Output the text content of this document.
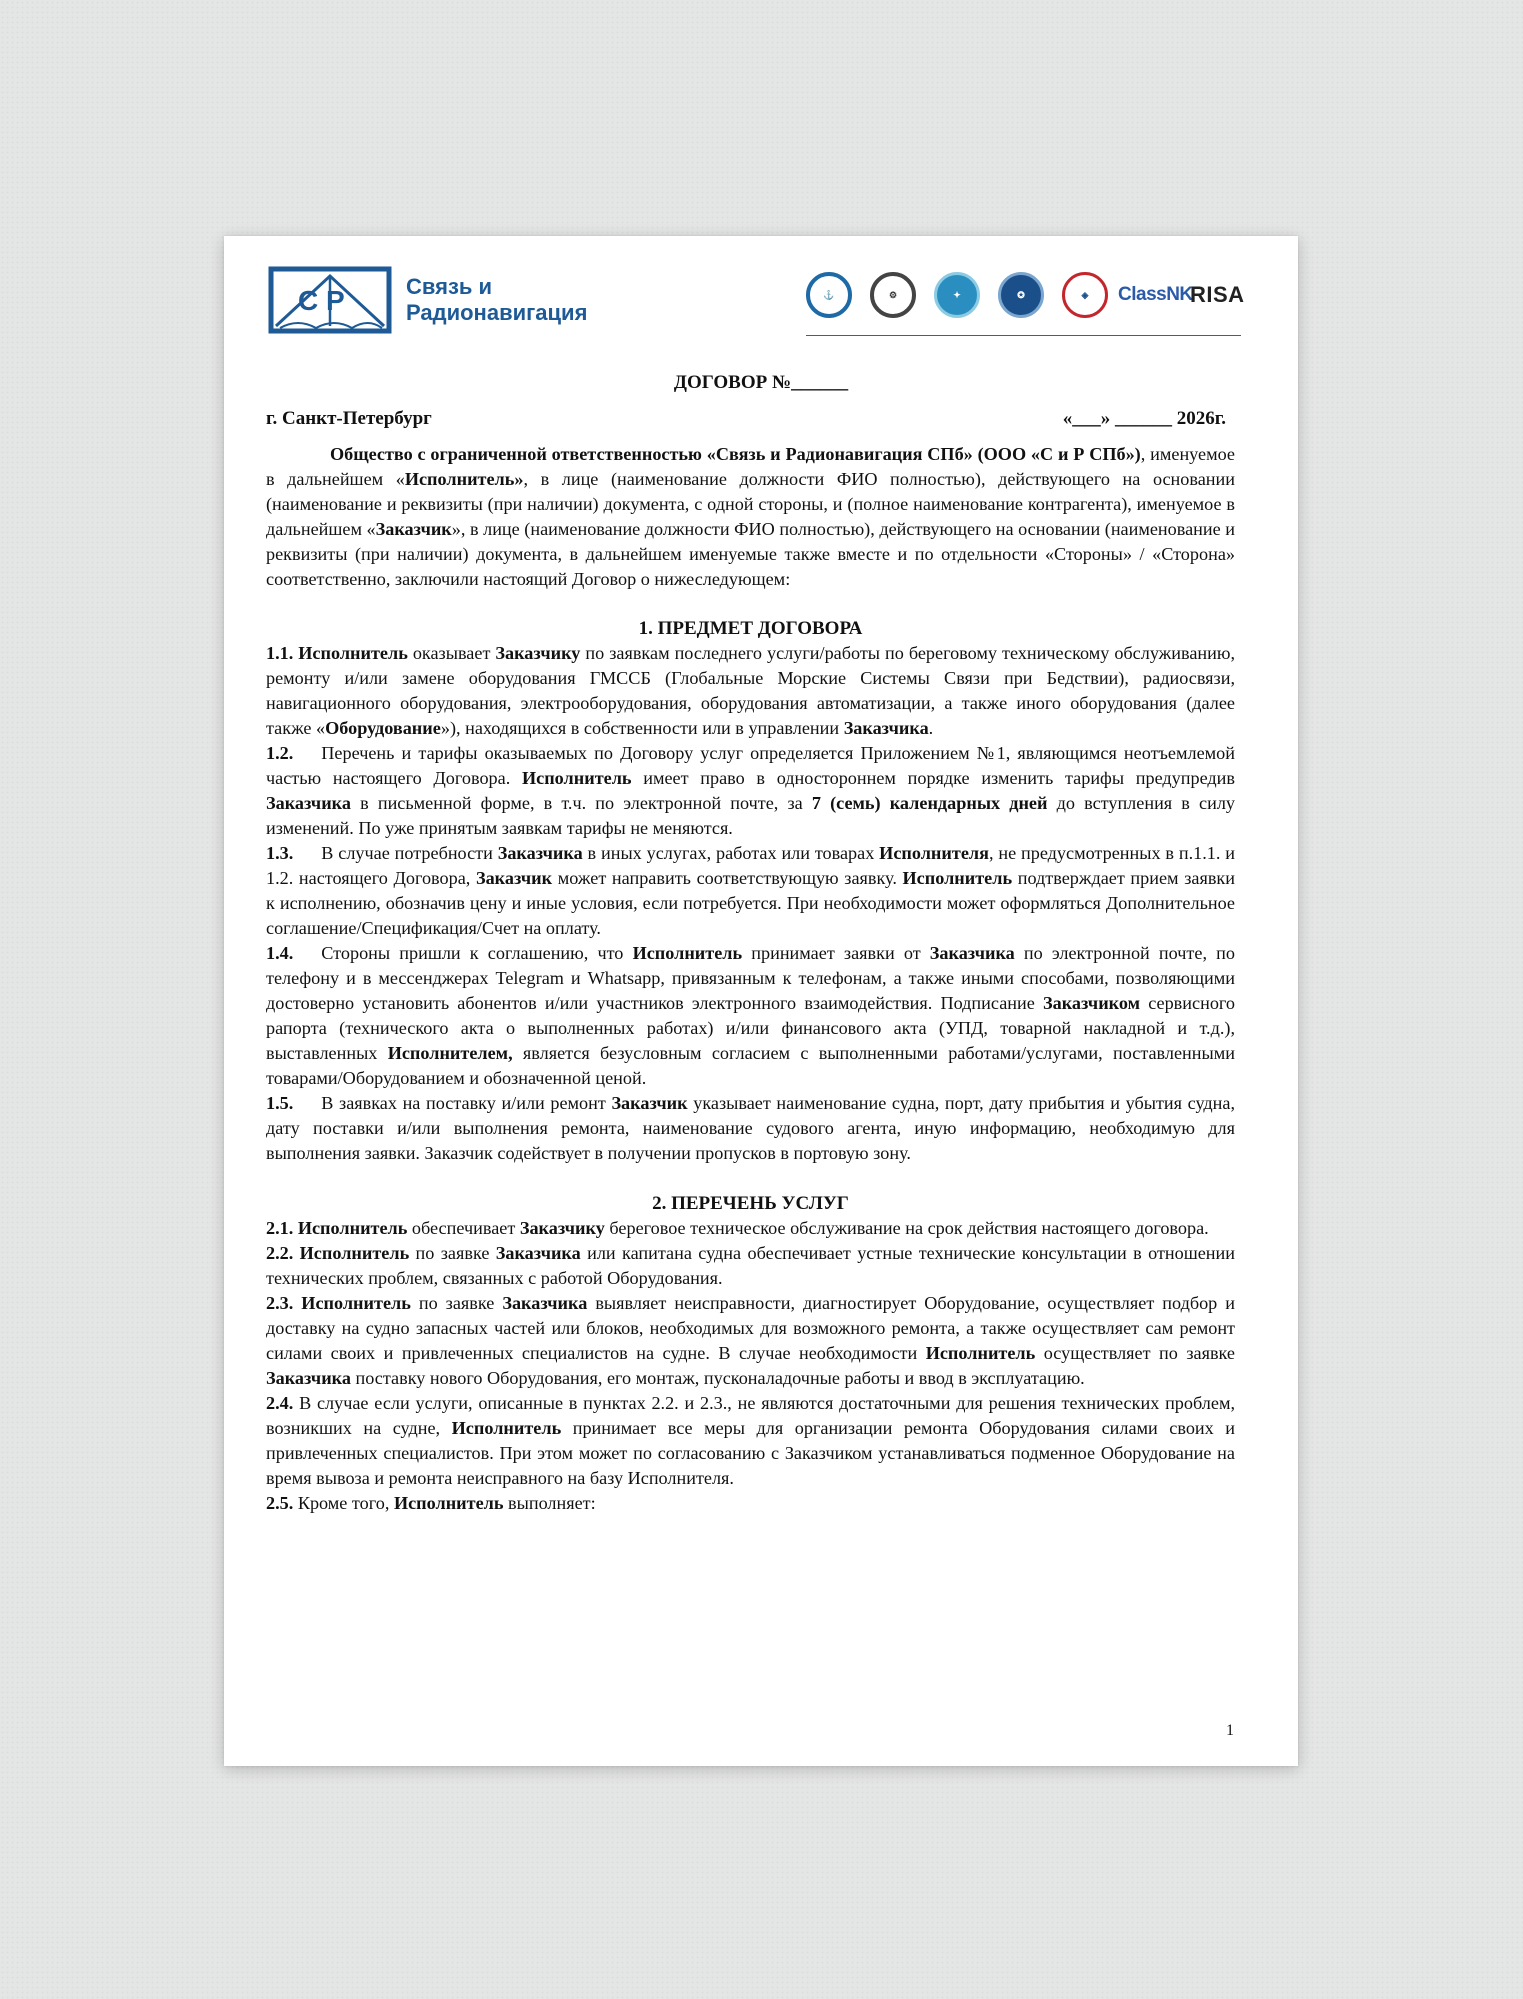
C P	Связь и
Радионавигация
⚓	⚙	✦	✪	◈	ClassNK
RISA
ДОГОВОР №______
г. Санкт-Петербург	«___» ______ 2026г.

Общество с ограниченной ответственностью «Связь и Радионавигация СПб» (ООО «С и Р СПб»), именуемое в дальнейшем «Исполнитель», в лице (наименование должности ФИО полностью), действующего на основании (наименование и реквизиты (при наличии) документа, с одной стороны, и (полное наименование контрагента), именуемое в дальнейшем «Заказчик», в лице (наименование должности ФИО полностью), действующего на основании (наименование и реквизиты (при наличии) документа, в дальнейшем именуемые также вместе и по отдельности «Стороны» / «Сторона» соответственно, заключили настоящий Договор о нижеследующем:

1. ПРЕДМЕТ ДОГОВОРА

1.1. Исполнитель оказывает Заказчику по заявкам последнего услуги/работы по береговому техническому обслуживанию, ремонту и/или замене оборудования ГМССБ (Глобальные Морские Системы Связи при Бедствии), радиосвязи, навигационного оборудования, электрооборудования, оборудования автоматизации, а также иного оборудования (далее также «Оборудование»), находящихся в собственности или в управлении Заказчика.

1.2. Перечень и тарифы оказываемых по Договору услуг определяется Приложением №1, являющимся неотъемлемой частью настоящего Договора. Исполнитель имеет право в одностороннем порядке изменить тарифы предупредив Заказчика в письменной форме, в т.ч. по электронной почте, за 7 (семь) календарных дней до вступления в силу изменений. По уже принятым заявкам тарифы не меняются.

1.3. В случае потребности Заказчика в иных услугах, работах или товарах Исполнителя, не предусмотренных в п.1.1. и 1.2. настоящего Договора, Заказчик может направить соответствующую заявку. Исполнитель подтверждает прием заявки к исполнению, обозначив цену и иные условия, если потребуется. При необходимости может оформляться Дополнительное соглашение/Спецификация/Счет на оплату.

1.4. Стороны пришли к соглашению, что Исполнитель принимает заявки от Заказчика по электронной почте, по телефону и в мессенджерах Telegram и Whatsapp, привязанным к телефонам, а также иными способами, позволяющими достоверно установить абонентов и/или участников электронного взаимодействия. Подписание Заказчиком сервисного рапорта (технического акта о выполненных работах) и/или финансового акта (УПД, товарной накладной и т.д.), выставленных Исполнителем, является безусловным согласием с выполненными работами/услугами, поставленными товарами/Оборудованием и обозначенной ценой.

1.5. В заявках на поставку и/или ремонт Заказчик указывает наименование судна, порт, дату прибытия и убытия судна, дату поставки и/или выполнения ремонта, наименование судового агента, иную информацию, необходимую для выполнения заявки. Заказчик содействует в получении пропусков в портовую зону.

2. ПЕРЕЧЕНЬ УСЛУГ

2.1. Исполнитель обеспечивает Заказчику береговое техническое обслуживание на срок действия настоящего договора.

2.2. Исполнитель по заявке Заказчика или капитана судна обеспечивает устные технические консультации в отношении технических проблем, связанных с работой Оборудования.

2.3. Исполнитель по заявке Заказчика выявляет неисправности, диагностирует Оборудование, осуществляет подбор и доставку на судно запасных частей или блоков, необходимых для возможного ремонта, а также осуществляет сам ремонт силами своих и привлеченных специалистов на судне. В случае необходимости Исполнитель осуществляет по заявке Заказчика поставку нового Оборудования, его монтаж, пусконаладочные работы и ввод в эксплуатацию.

2.4. В случае если услуги, описанные в пунктах 2.2. и 2.3., не являются достаточными для решения технических проблем, возникших на судне, Исполнитель принимает все меры для организации ремонта Оборудования силами своих и привлеченных специалистов. При этом может по согласованию с Заказчиком устанавливаться подменное Оборудование на время вывоза и ремонта неисправного на базу Исполнителя.

2.5. Кроме того, Исполнитель выполняет:

1
